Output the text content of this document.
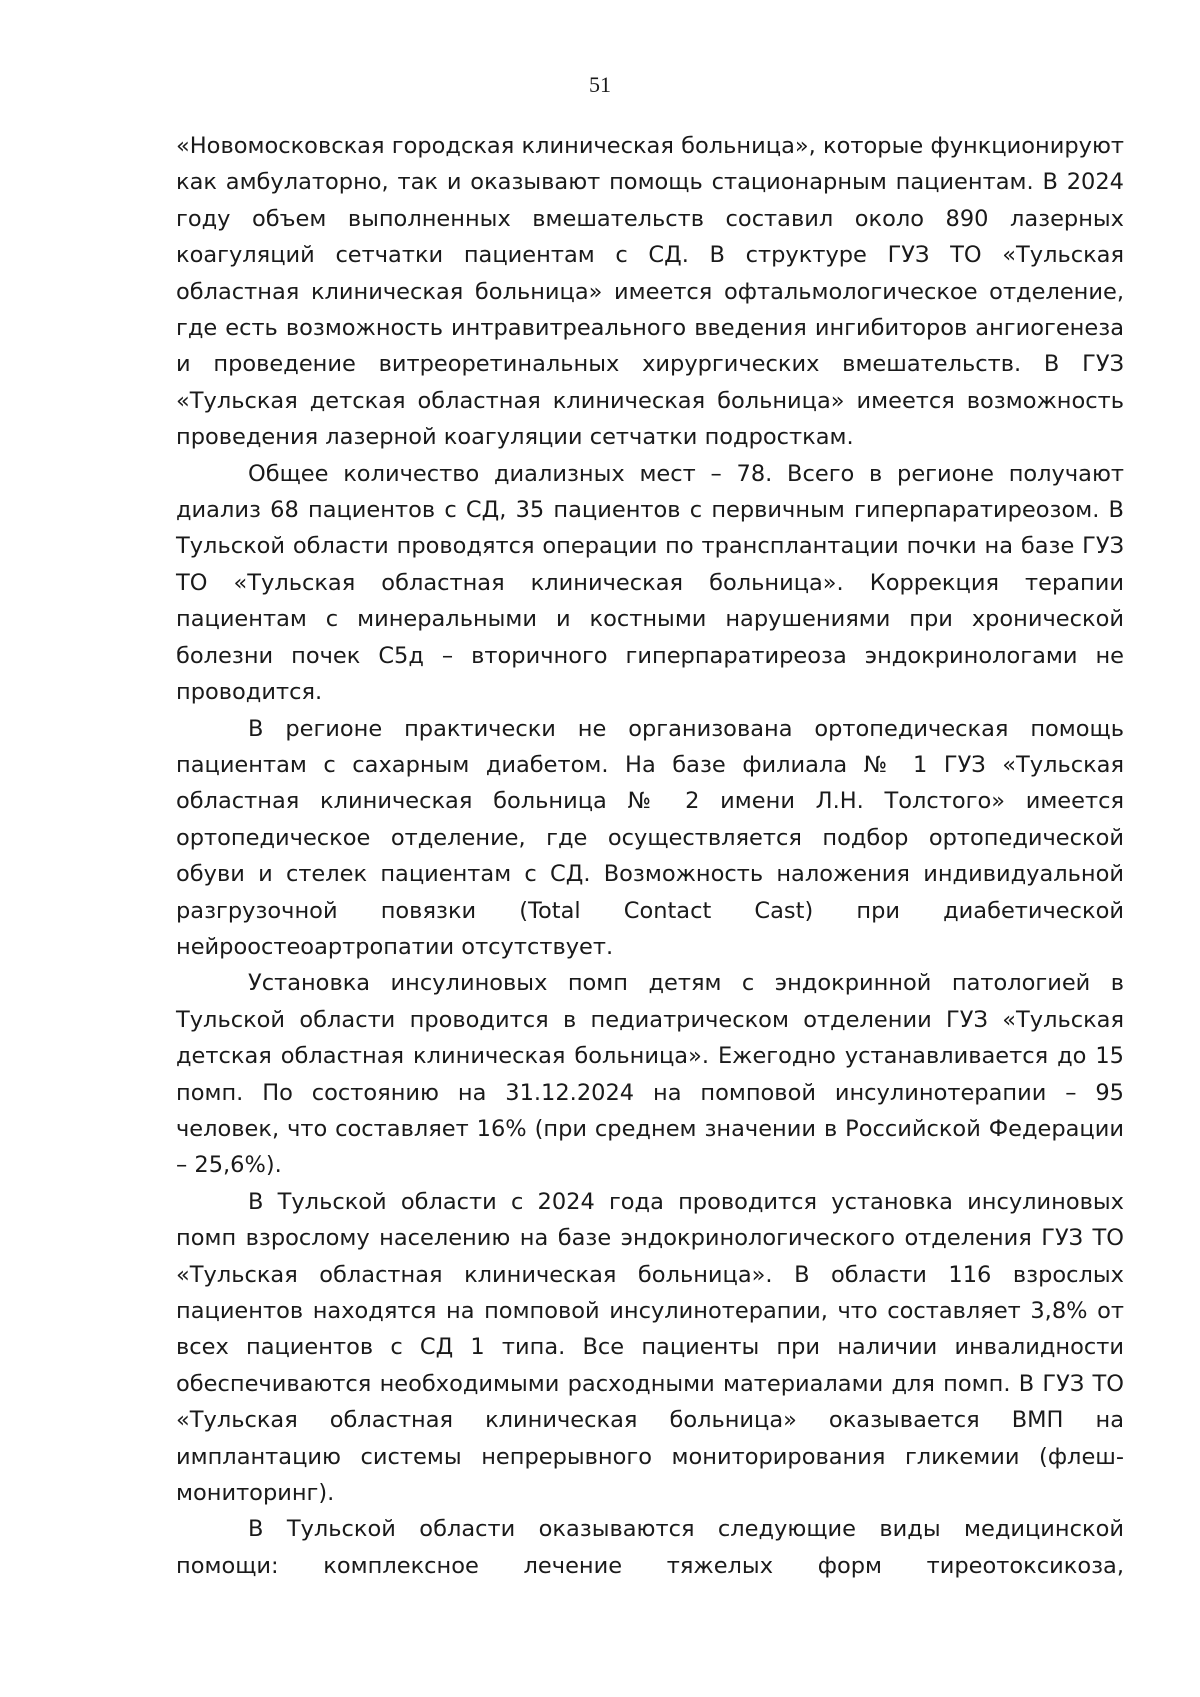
51

«Новомосковская городская клиническая больница», которые функционируют как амбулаторно, так и оказывают помощь стационарным пациентам. В 2024 году объем выполненных вмешательств составил около 890 лазерных коагуляций сетчатки пациентам с СД. В структуре ГУЗ ТО «Тульская областная клиническая больница» имеется офтальмологическое отделение, где есть возможность интравитреального введения ингибиторов ангиогенеза и проведение витреоретинальных хирургических вмешательств. В ГУЗ «Тульская детская областная клиническая больница» имеется возможность проведения лазерной коагуляции сетчатки подросткам.

Общее количество диализных мест – 78. Всего в регионе получают диализ 68 пациентов с СД, 35 пациентов с первичным гиперпаратиреозом. В Тульской области проводятся операции по трансплантации почки на базе ГУЗ ТО «Тульская областная клиническая больница». Коррекция терапии пациентам с минеральными и костными нарушениями при хронической болезни почек С5д – вторичного гиперпаратиреоза эндокринологами не проводится.

В регионе практически не организована ортопедическая помощь пациентам с сахарным диабетом. На базе филиала № 1 ГУЗ «Тульская областная клиническая больница № 2 имени Л.Н. Толстого» имеется ортопедическое отделение, где осуществляется подбор ортопедической обуви и стелек пациентам с СД. Возможность наложения индивидуальной разгрузочной повязки (Total Contact Cast) при диабетической нейроостеоартропатии отсутствует.

Установка инсулиновых помп детям с эндокринной патологией в Тульской области проводится в педиатрическом отделении ГУЗ «Тульская детская областная клиническая больница». Ежегодно устанавливается до 15 помп. По состоянию на 31.12.2024 на помповой инсулинотерапии – 95 человек, что составляет 16% (при среднем значении в Российской Федерации – 25,6%).

В Тульской области с 2024 года проводится установка инсулиновых помп взрослому населению на базе эндокринологического отделения ГУЗ ТО «Тульская областная клиническая больница». В области 116 взрослых пациентов находятся на помповой инсулинотерапии, что составляет 3,8% от всех пациентов с СД 1 типа. Все пациенты при наличии инвалидности обеспечиваются необходимыми расходными материалами для помп. В ГУЗ ТО «Тульская областная клиническая больница» оказывается ВМП на имплантацию системы непрерывного мониторирования гликемии (флеш-мониторинг).

В Тульской области оказываются следующие виды медицинской помощи: комплексное лечение тяжелых форм тиреотоксикоза,
